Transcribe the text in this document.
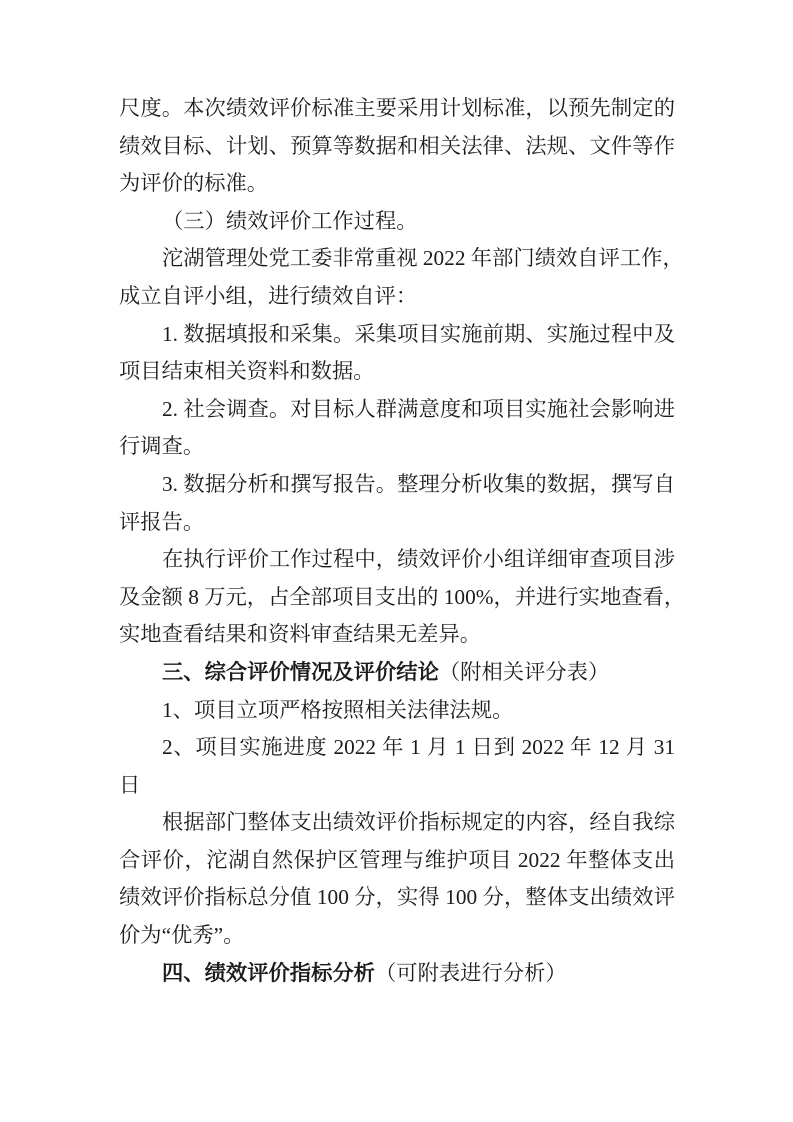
尺度。本次绩效评价标准主要采用计划标准，以预先制定的
绩效目标、计划、预算等数据和相关法律、法规、文件等作
为评价的标准。
（三）绩效评价工作过程。
沱湖管理处党工委非常重视 2022 年部门绩效自评工作，
成立自评小组，进行绩效自评：
1. 数据填报和采集。采集项目实施前期、实施过程中及
项目结束相关资料和数据。
2. 社会调查。对目标人群满意度和项目实施社会影响进
行调查。
3. 数据分析和撰写报告。整理分析收集的数据，撰写自
评报告。
在执行评价工作过程中，绩效评价小组详细审查项目涉
及金额 8 万元，占全部项目支出的 100%，并进行实地查看，
实地查看结果和资料审查结果无差异。
三、综合评价情况及评价结论（附相关评分表）
1、项目立项严格按照相关法律法规。
2、项目实施进度 2022 年 1 月 1 日到 2022 年 12 月 31
日
根据部门整体支出绩效评价指标规定的内容，经自我综
合评价，沱湖自然保护区管理与维护项目 2022 年整体支出
绩效评价指标总分值 100 分，实得 100 分，整体支出绩效评
价为“优秀”。
四、绩效评价指标分析（可附表进行分析）
